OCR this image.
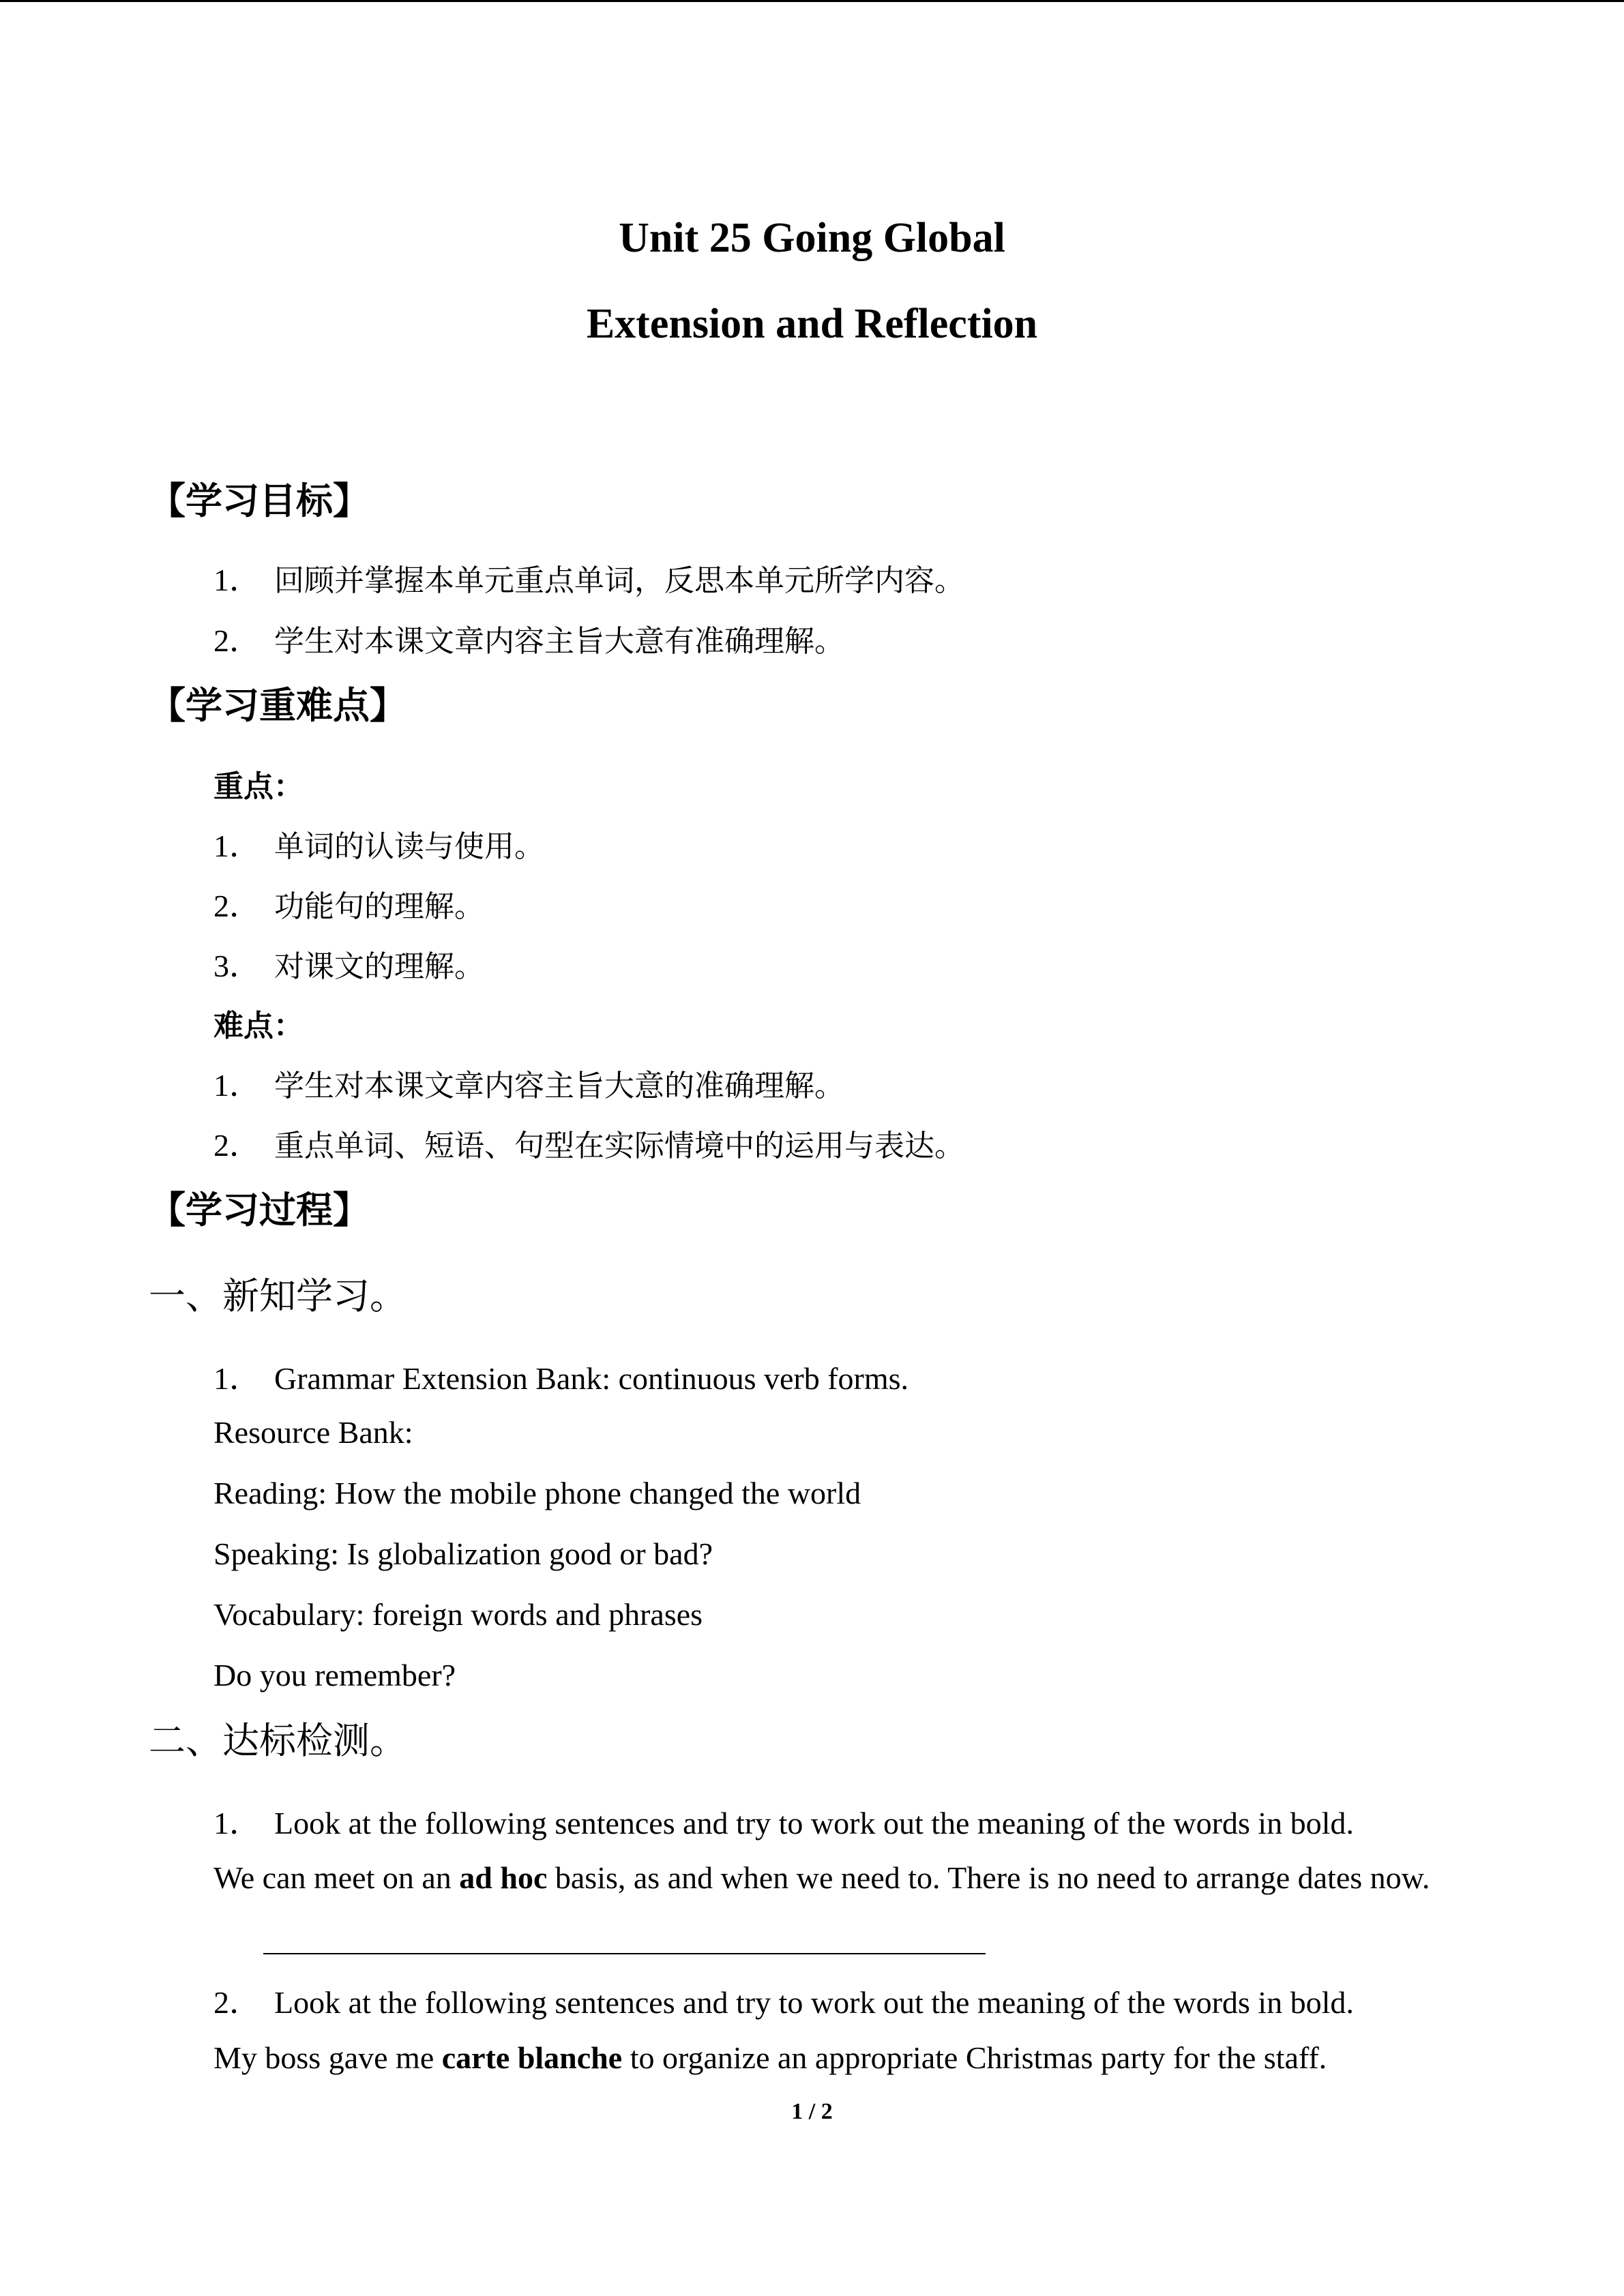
Unit 25 Going Global
Extension and Reflection
【学习目标】
1． 回顾并掌握本单元重点单词，反思本单元所学内容。
2． 学生对本课文章内容主旨大意有准确理解。
【学习重难点】
重点：
1． 单词的认读与使用。
2． 功能句的理解。
3． 对课文的理解。
难点：
1． 学生对本课文章内容主旨大意的准确理解。
2． 重点单词、短语、句型在实际情境中的运用与表达。
【学习过程】
一、新知学习。
1． Grammar Extension Bank: continuous verb forms.
Resource Bank:
Reading: How the mobile phone changed the world
Speaking: Is globalization good or bad?
Vocabulary: foreign words and phrases
Do you remember?
二、达标检测。
1． Look at the following sentences and try to work out the meaning of the words in bold.
We can meet on an ad hoc basis, as and when we need to. There is no need to arrange dates now.
2． Look at the following sentences and try to work out the meaning of the words in bold.
My boss gave me carte blanche to organize an appropriate Christmas party for the staff.
1 / 2
